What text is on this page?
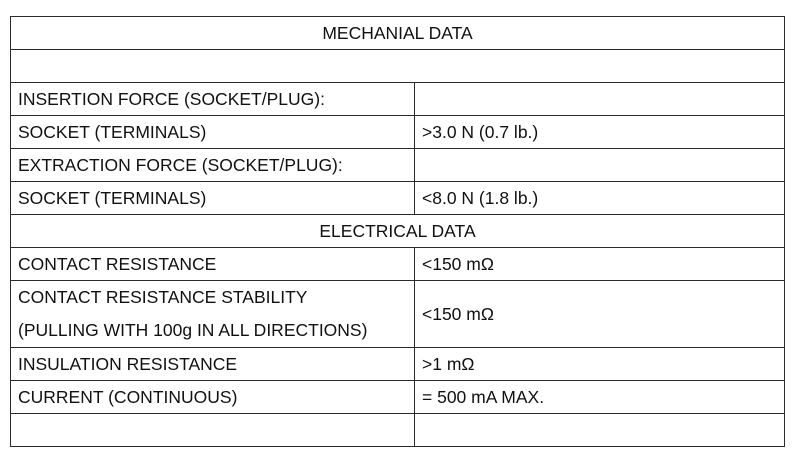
MECHANIAL DATA	

INSERTION FORCE (SOCKET/PLUG):	
SOCKET (TERMINALS)	>3.0 N (0.7 lb.)
EXTRACTION FORCE (SOCKET/PLUG):	
SOCKET (TERMINALS)	<8.0 N (1.8 lb.)
ELECTRICAL DATA	
CONTACT RESISTANCE	<150 mΩ

CONTACT RESISTANCE STABILITY
(PULLING WITH 100g IN ALL DIRECTIONS)	<150 mΩ
INSULATION RESISTANCE	>1 mΩ
CURRENT (CONTINUOUS)	= 500 mA MAX.
